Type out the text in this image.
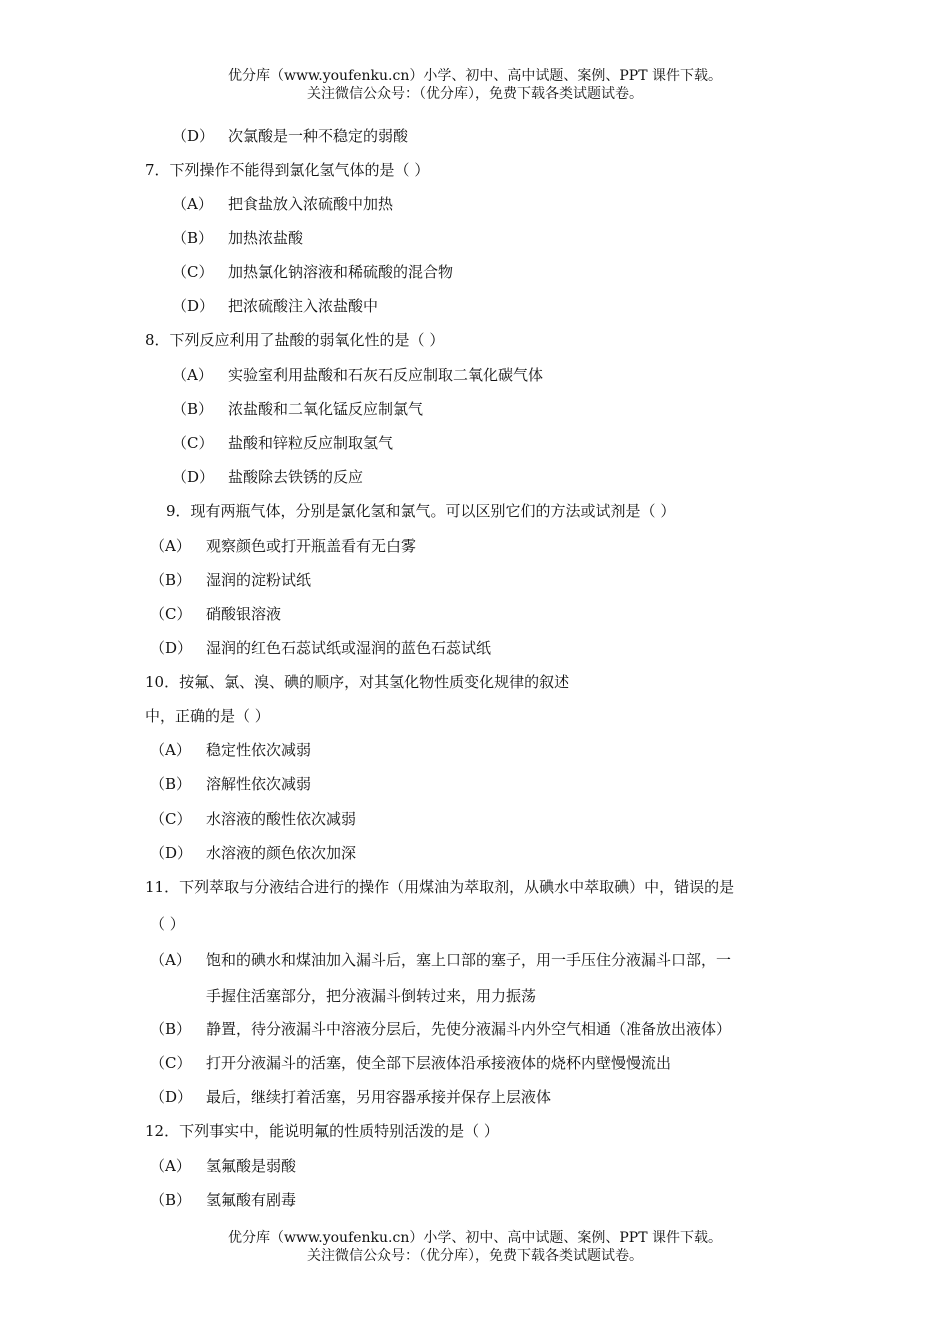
优分库（www.youfenku.cn）小学、初中、高中试题、案例、PPT 课件下载。
关注微信公众号：（优分库），免费下载各类试题试卷。
（D） 次氯酸是一种不稳定的弱酸
7．下列操作不能得到氯化氢气体的是（ ）
（A） 把食盐放入浓硫酸中加热
（B） 加热浓盐酸
（C） 加热氯化钠溶液和稀硫酸的混合物
（D） 把浓硫酸注入浓盐酸中
8．下列反应利用了盐酸的弱氧化性的是（ ）
（A） 实验室利用盐酸和石灰石反应制取二氧化碳气体
（B） 浓盐酸和二氧化锰反应制氯气
（C） 盐酸和锌粒反应制取氢气
（D） 盐酸除去铁锈的反应
9．现有两瓶气体，分别是氯化氢和氯气。可以区别它们的方法或试剂是（ ）
（A） 观察颜色或打开瓶盖看有无白雾
（B） 湿润的淀粉试纸
（C） 硝酸银溶液
（D） 湿润的红色石蕊试纸或湿润的蓝色石蕊试纸
10．按氟、氯、溴、碘的顺序，对其氢化物性质变化规律的叙述
中，正确的是（ ）
（A） 稳定性依次减弱
（B） 溶解性依次减弱
（C） 水溶液的酸性依次减弱
（D） 水溶液的颜色依次加深
11．下列萃取与分液结合进行的操作（用煤油为萃取剂，从碘水中萃取碘）中，错误的是
（ ）
（A） 饱和的碘水和煤油加入漏斗后，塞上口部的塞子，用一手压住分液漏斗口部，一
手握住活塞部分，把分液漏斗倒转过来，用力振荡
（B） 静置，待分液漏斗中溶液分层后，先使分液漏斗内外空气相通（准备放出液体）
（C） 打开分液漏斗的活塞，使全部下层液体沿承接液体的烧杯内壁慢慢流出
（D） 最后，继续打着活塞，另用容器承接并保存上层液体
12．下列事实中，能说明氟的性质特别活泼的是（ ）
（A） 氢氟酸是弱酸
（B） 氢氟酸有剧毒
优分库（www.youfenku.cn）小学、初中、高中试题、案例、PPT 课件下载。
关注微信公众号：（优分库），免费下载各类试题试卷。
